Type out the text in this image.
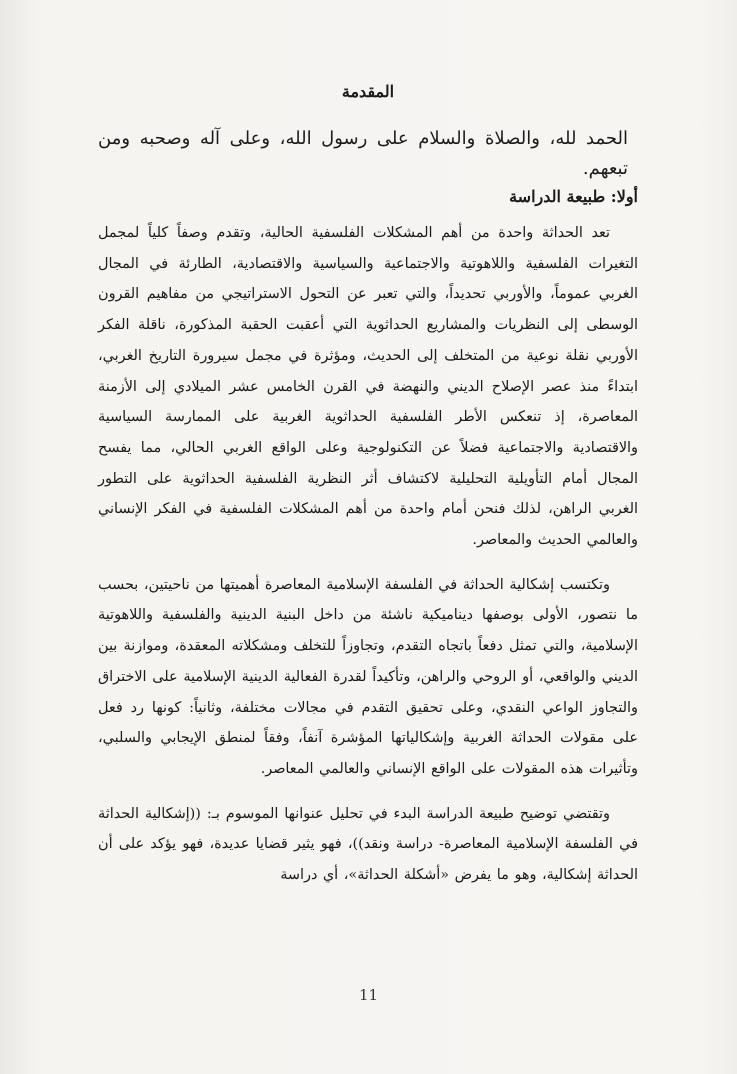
المقدمة

الحمد لله، والصلاة والسلام على رسول الله، وعلى آله وصحبه ومن تبعهم.

أولا: طبيعة الدراسة

تعد الحداثة واحدة من أهم المشكلات الفلسفية الحالية، وتقدم وصفاً كلياً لمجمل التغيرات الفلسفية واللاهوتية والاجتماعية والسياسية والاقتصادية، الطارئة في المجال الغربي عموماً، والأوربي تحديداً، والتي تعبر عن التحول الاستراتيجي من مفاهيم القرون الوسطى إلى النظريات والمشاريع الحداثوية التي أعقبت الحقبة المذكورة، ناقلة الفكر الأوربي نقلة نوعية من المتخلف إلى الحديث، ومؤثرة في مجمل سيرورة التاريخ الغربي، ابتداءً منذ عصر الإصلاح الديني والنهضة في القرن الخامس عشر الميلادي إلى الأزمنة المعاصرة، إذ تنعكس الأطر الفلسفية الحداثوية الغربية على الممارسة السياسية والاقتصادية والاجتماعية فضلاً عن التكنولوجية وعلى الواقع الغربي الحالي، مما يفسح المجال أمام التأويلية التحليلية لاكتشاف أثر النظرية الفلسفية الحداثوية على التطور الغربي الراهن، لذلك فنحن أمام واحدة من أهم المشكلات الفلسفية في الفكر الإنساني والعالمي الحديث والمعاصر.

وتكتسب إشكالية الحداثة في الفلسفة الإسلامية المعاصرة أهميتها من ناحيتين، بحسب ما نتصور، الأولى بوصفها ديناميكية ناشئة من داخل البنية الدينية والفلسفية واللاهوتية الإسلامية، والتي تمثل دفعاً باتجاه التقدم، وتجاوزاً للتخلف ومشكلاته المعقدة، وموازنة بين الديني والواقعي، أو الروحي والراهن، وتأكيداً لقدرة الفعالية الدينية الإسلامية على الاختراق والتجاوز الواعي النقدي، وعلى تحقيق التقدم في مجالات مختلفة، وثانياً: كونها رد فعل على مقولات الحداثة الغربية وإشكالياتها المؤشرة آنفاً، وفقاً لمنطق الإيجابي والسلبي، وتأثيرات هذه المقولات على الواقع الإنساني والعالمي المعاصر.

وتقتضي توضيح طبيعة الدراسة البدء في تحليل عنوانها الموسوم بـ: ((إشكالية الحداثة في الفلسفة الإسلامية المعاصرة- دراسة ونقد))، فهو يثير قضايا عديدة، فهو يؤكد على أن الحداثة إشكالية، وهو ما يفرض «أشكلة الحداثة»، أي دراسة

11
